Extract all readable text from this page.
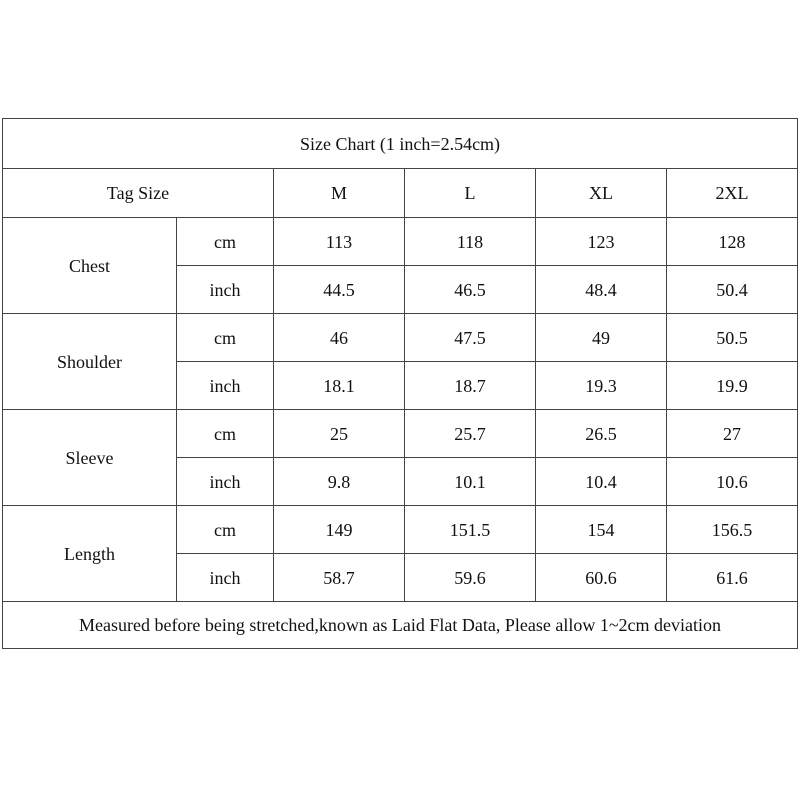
Size Chart (1 inch=2.54cm)					
Tag Size		M	L	XL	2XL
Chest	cm	113	118	123	128
	inch	44.5	46.5	48.4	50.4
Shoulder	cm	46	47.5	49	50.5
	inch	18.1	18.7	19.3	19.9
Sleeve	cm	25	25.7	26.5	27
	inch	9.8	10.1	10.4	10.6
Length	cm	149	151.5	154	156.5
	inch	58.7	59.6	60.6	61.6
Measured before being stretched,known as Laid Flat Data, Please allow 1~2cm deviation					
